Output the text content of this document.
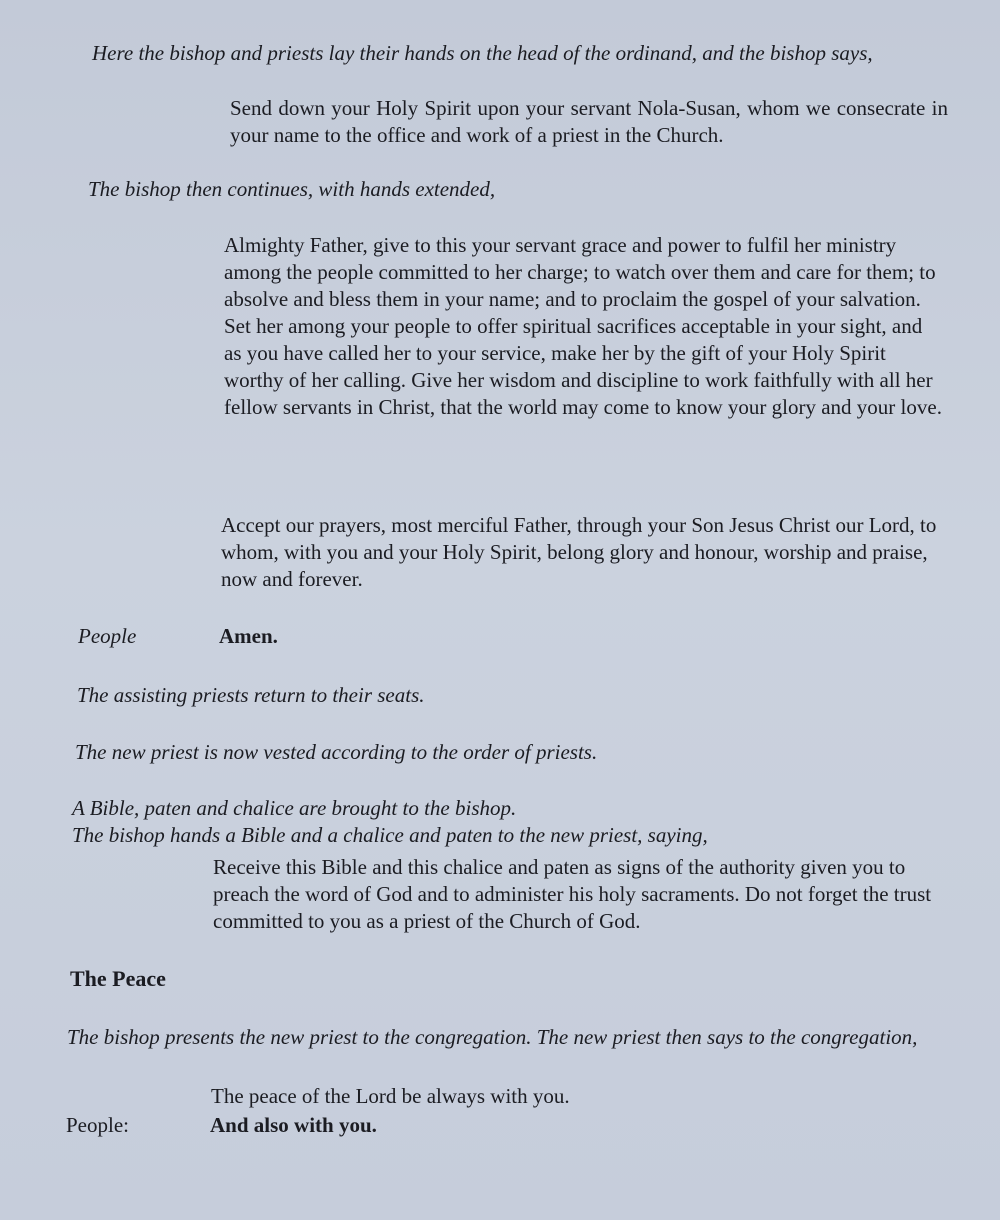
Here the bishop and priests lay their hands on the head of the ordinand, and the bishop says,
Send down your Holy Spirit upon your servant Nola-Susan, whom we consecrate in your name to the office and work of a priest in the Church.
The bishop then continues, with hands extended,
Almighty Father, give to this your servant grace and power to fulfil her ministry among the people committed to her charge; to watch over them and care for them; to absolve and bless them in your name; and to proclaim the gospel of your salvation. Set her among your people to offer spiritual sacrifices acceptable in your sight, and as you have called her to your service, make her by the gift of your Holy Spirit worthy of her calling. Give her wisdom and discipline to work faithfully with all her fellow servants in Christ, that the world may come to know your glory and your love.
Accept our prayers, most merciful Father, through your Son Jesus Christ our Lord, to whom, with you and your Holy Spirit, belong glory and honour, worship and praise, now and forever.
People	Amen.
The assisting priests return to their seats.
The new priest is now vested according to the order of priests.
A Bible, paten and chalice are brought to the bishop.
The bishop hands a Bible and a chalice and paten to the new priest, saying,
Receive this Bible and this chalice and paten as signs of the authority given you to preach the word of God and to administer his holy sacraments. Do not forget the trust committed to you as a priest of the Church of God.
The Peace
The bishop presents the new priest to the congregation. The new priest then says to the congregation,
The peace of the Lord be always with you.
People:	And also with you.
